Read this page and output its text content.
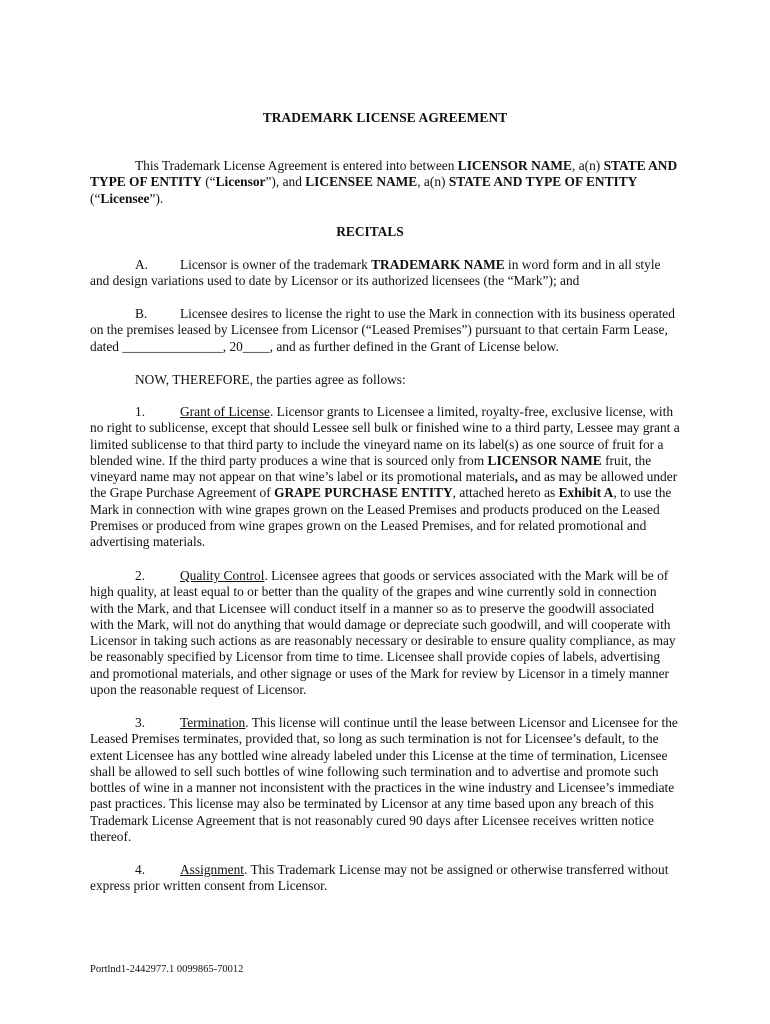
TRADEMARK LICENSE AGREEMENT

This Trademark License Agreement is entered into between LICENSOR NAME, a(n) STATE AND TYPE OF ENTITY (“Licensor”), and LICENSEE NAME, a(n) STATE AND TYPE OF ENTITY (“Licensee”).

RECITALS

A. Licensor is owner of the trademark TRADEMARK NAME in word form and in all style and design variations used to date by Licensor or its authorized licensees (the “Mark”); and

B. Licensee desires to license the right to use the Mark in connection with its business operated on the premises leased by Licensee from Licensor (“Leased Premises”) pursuant to that certain Farm Lease, dated _______________, 20____, and as further defined in the Grant of License below.

NOW, THEREFORE, the parties agree as follows:

1.	Grant of License. Licensor grants to Licensee a limited, royalty-free, exclusive license, with no right to sublicense, except that should Lessee sell bulk or finished wine to a third party, Lessee may grant a limited sublicense to that third party to include the vineyard name on its label(s) as one source of fruit for a blended wine. If the third party produces a wine that is sourced only from LICENSOR NAME fruit, the vineyard name may not appear on that wine’s label or its promotional materials, and as may be allowed under the Grape Purchase Agreement of GRAPE PURCHASE ENTITY, attached hereto as Exhibit A, to use the Mark in connection with wine grapes grown on the Leased Premises and products produced on the Leased Premises or produced from wine grapes grown on the Leased Premises, and for related promotional and advertising materials.

2.	Quality Control. Licensee agrees that goods or services associated with the Mark will be of high quality, at least equal to or better than the quality of the grapes and wine currently sold in connection with the Mark, and that Licensee will conduct itself in a manner so as to preserve the goodwill associated with the Mark, will not do anything that would damage or depreciate such goodwill, and will cooperate with Licensor in taking such actions as are reasonably necessary or desirable to ensure quality compliance, as may be reasonably specified by Licensor from time to time. Licensee shall provide copies of labels, advertising and promotional materials, and other signage or uses of the Mark for review by Licensor in a timely manner upon the reasonable request of Licensor.

3.	Termination. This license will continue until the lease between Licensor and Licensee for the Leased Premises terminates, provided that, so long as such termination is not for Licensee’s default, to the extent Licensee has any bottled wine already labeled under this License at the time of termination, Licensee shall be allowed to sell such bottles of wine following such termination and to advertise and promote such bottles of wine in a manner not inconsistent with the practices in the wine industry and Licensee’s immediate past practices. This license may also be terminated by Licensor at any time based upon any breach of this Trademark License Agreement that is not reasonably cured 90 days after Licensee receives written notice thereof.

4.	Assignment. This Trademark License may not be assigned or otherwise transferred without express prior written consent from Licensor.

Portlnd1-2442977.1 0099865-70012
